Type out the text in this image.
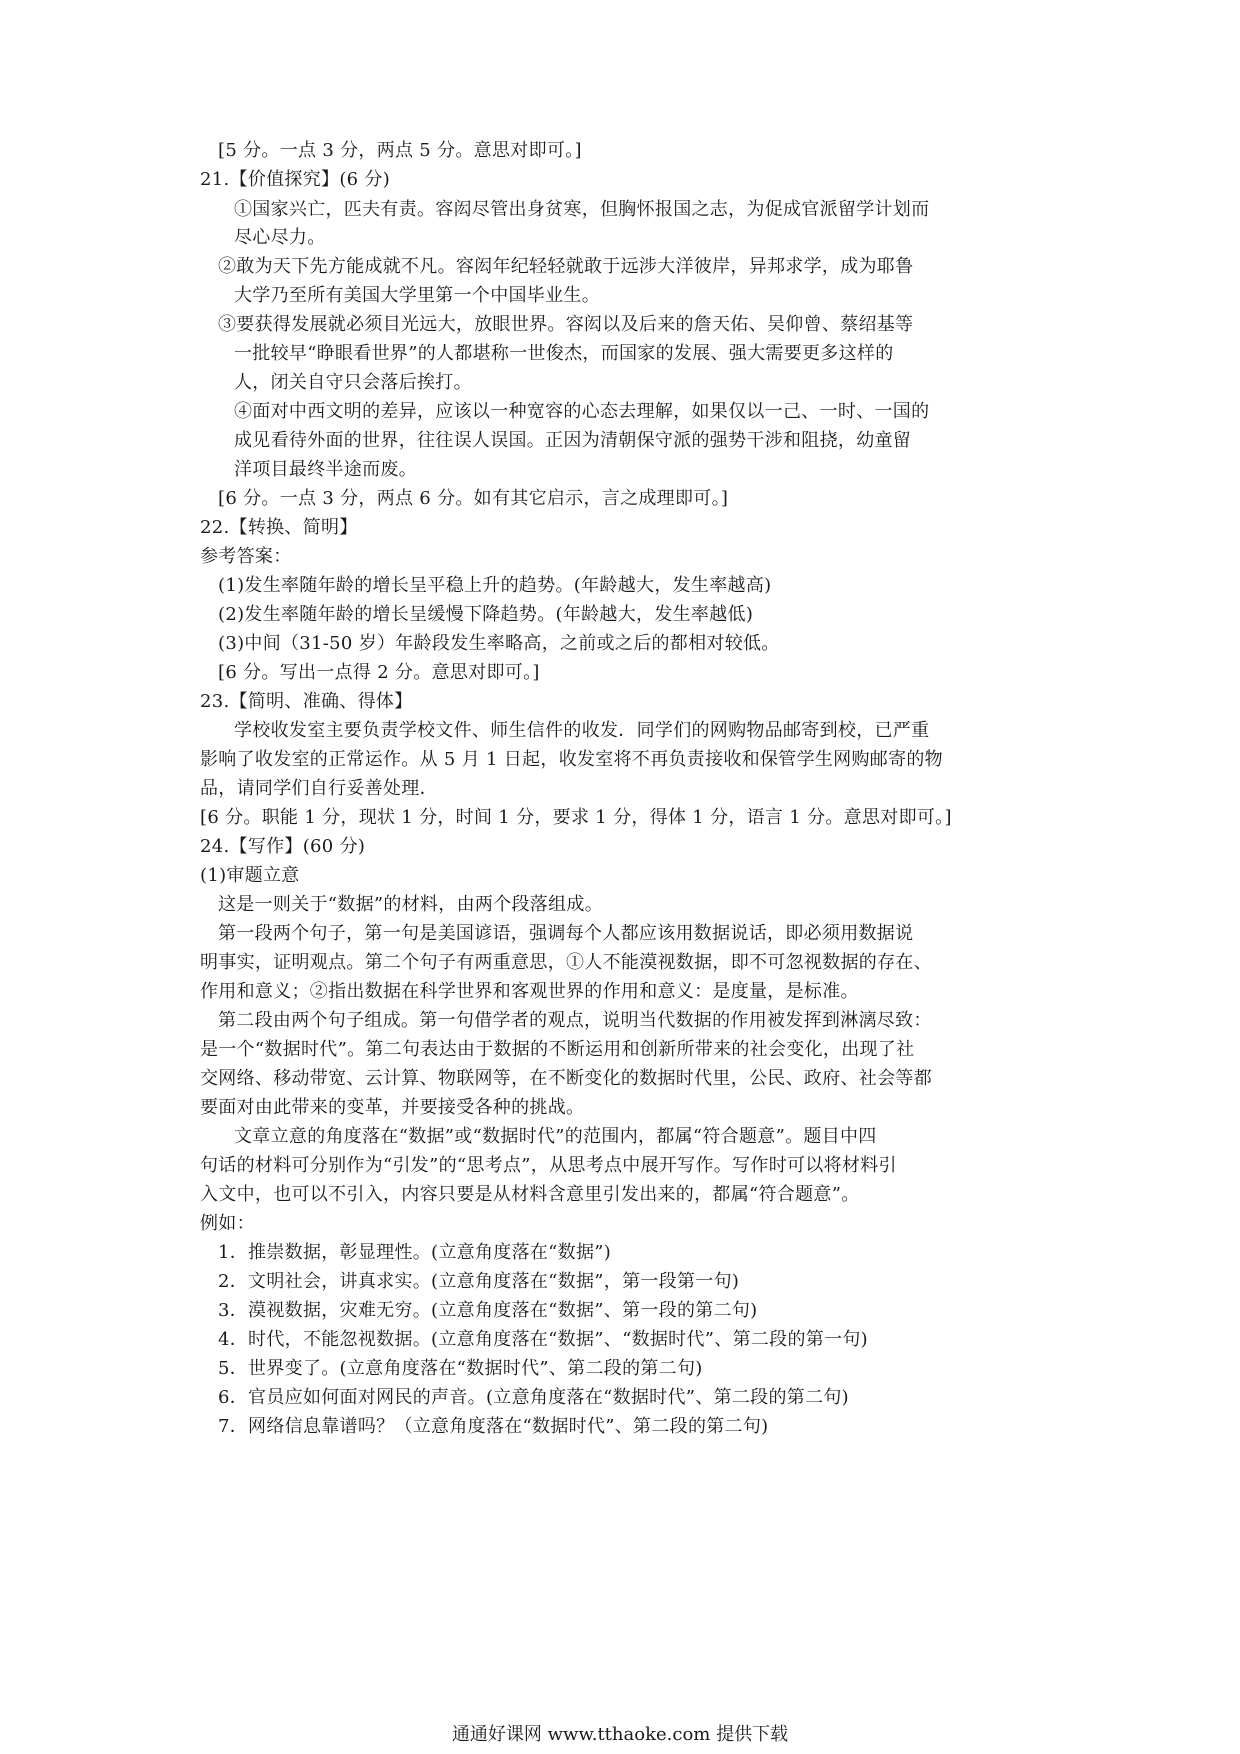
[5 分。一点 3 分，两点 5 分。意思对即可。]
21.【价值探究】(6 分)
①国家兴亡，匹夫有责。容闳尽管出身贫寒，但胸怀报国之志，为促成官派留学计划而
尽心尽力。
②敢为天下先方能成就不凡。容闳年纪轻轻就敢于远涉大洋彼岸，异邦求学，成为耶鲁
大学乃至所有美国大学里第一个中国毕业生。
③要获得发展就必须目光远大，放眼世界。容闳以及后来的詹天佑、吴仰曾、蔡绍基等
一批较早“睁眼看世界”的人都堪称一世俊杰，而国家的发展、强大需要更多这样的
人，闭关自守只会落后挨打。
④面对中西文明的差异，应该以一种宽容的心态去理解，如果仅以一己、一时、一国的
成见看待外面的世界，往往误人误国。正因为清朝保守派的强势干涉和阻挠，幼童留
洋项目最终半途而废。
[6 分。一点 3 分，两点 6 分。如有其它启示，言之成理即可。]
22.【转换、简明】
参考答案：
(1)发生率随年龄的增长呈平稳上升的趋势。(年龄越大，发生率越高)
(2)发生率随年龄的增长呈缓慢下降趋势。(年龄越大，发生率越低)
(3)中间（31-50 岁）年龄段发生率略高，之前或之后的都相对较低。
[6 分。写出一点得 2 分。意思对即可。]
23.【简明、准确、得体】
学校收发室主要负责学校文件、师生信件的收发．同学们的网购物品邮寄到校，已严重
影响了收发室的正常运作。从 5 月 1 日起，收发室将不再负责接收和保管学生网购邮寄的物
品，请同学们自行妥善处理．
[6 分。职能 1 分，现状 1 分，时间 1 分，要求 1 分，得体 1 分，语言 1 分。意思对即可。]
24.【写作】(60 分)
(1)审题立意
这是一则关于“数据”的材料，由两个段落组成。
第一段两个句子，第一句是美国谚语，强调每个人都应该用数据说话，即必须用数据说
明事实，证明观点。第二个句子有两重意思，①人不能漠视数据，即不可忽视数据的存在、
作用和意义；②指出数据在科学世界和客观世界的作用和意义：是度量，是标准。
第二段由两个句子组成。第一句借学者的观点，说明当代数据的作用被发挥到淋漓尽致：
是一个“数据时代”。第二句表达由于数据的不断运用和创新所带来的社会变化，出现了社
交网络、移动带宽、云计算、物联网等，在不断变化的数据时代里，公民、政府、社会等都
要面对由此带来的变革，并要接受各种的挑战。
文章立意的角度落在“数据”或“数据时代”的范围内，都属“符合题意”。题目中四
句话的材料可分别作为“引发”的“思考点”，从思考点中展开写作。写作时可以将材料引
入文中，也可以不引入，内容只要是从材料含意里引发出来的，都属“符合题意”。
例如：
1．推崇数据，彰显理性。(立意角度落在“数据”)
2．文明社会，讲真求实。(立意角度落在“数据”，第一段第一句)
3．漠视数据，灾难无穷。(立意角度落在“数据”、第一段的第二句)
4．时代，不能忽视数据。(立意角度落在“数据”、“数据时代”、第二段的第一句)
5．世界变了。(立意角度落在“数据时代”、第二段的第二句)
6．官员应如何面对网民的声音。(立意角度落在“数据时代”、第二段的第二句)
7．网络信息靠谱吗？（立意角度落在“数据时代”、第二段的第二句)
通通好课网 www.tthaoke.com 提供下载
